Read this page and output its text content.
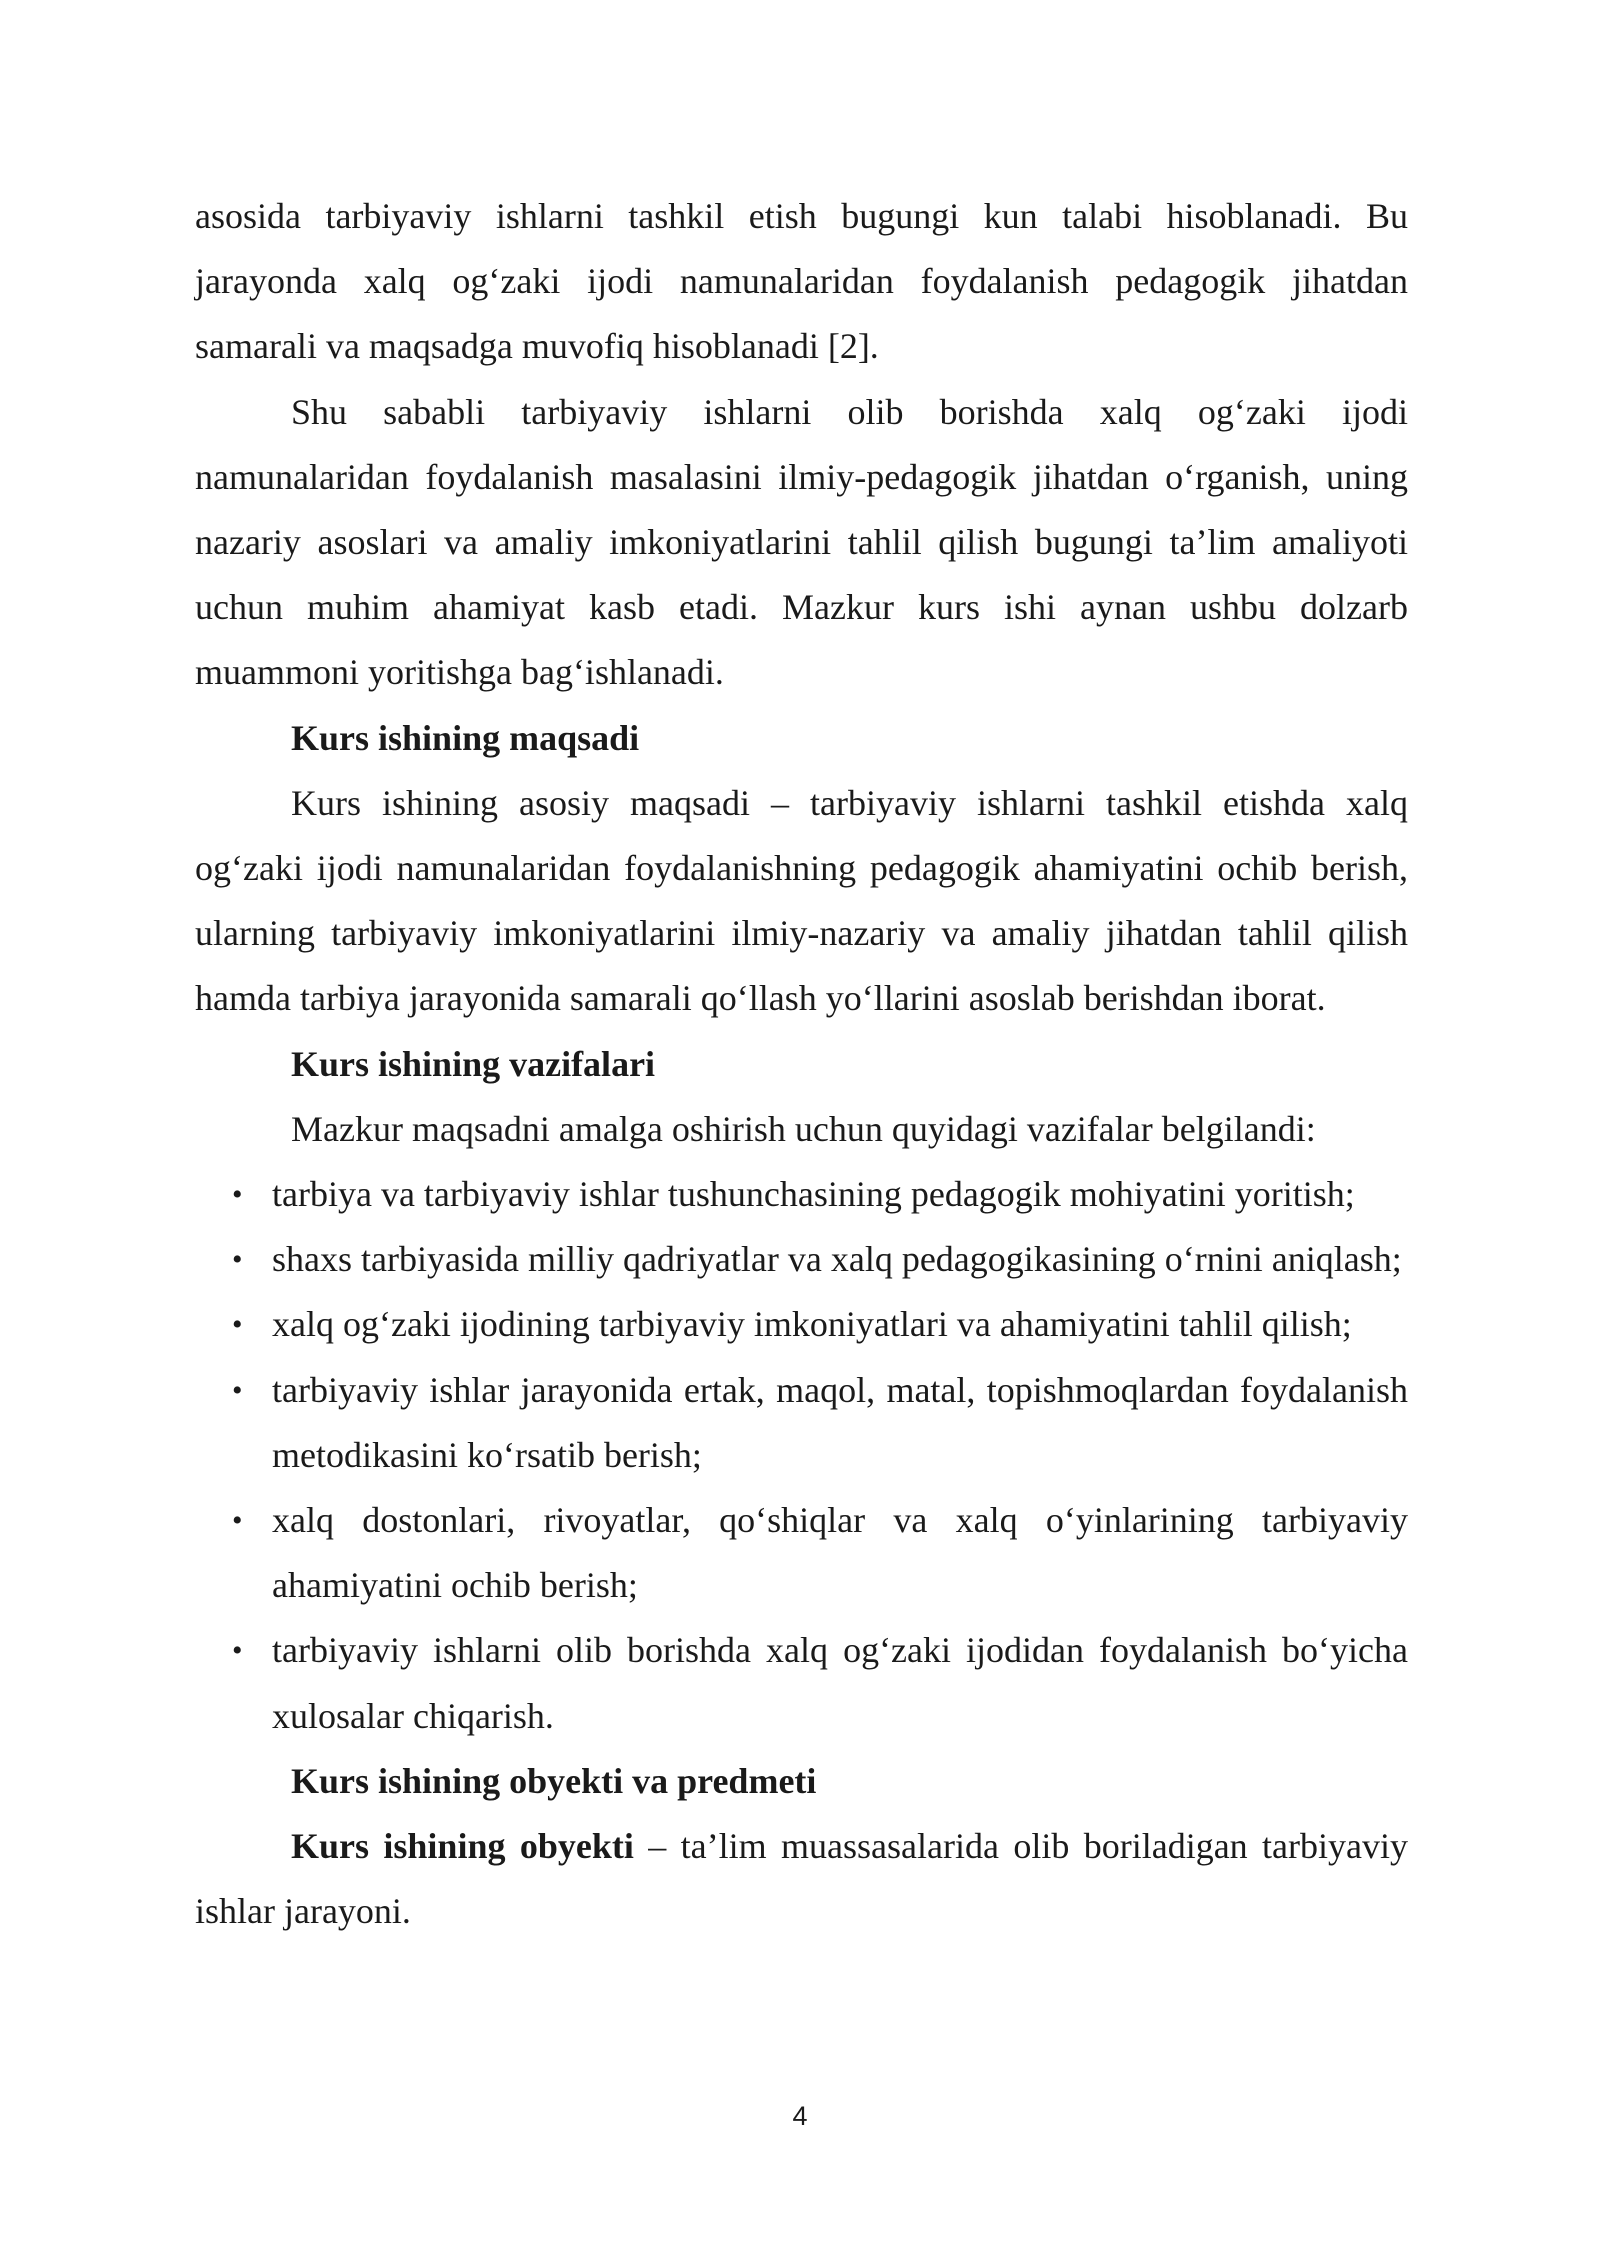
asosida tarbiyaviy ishlarni tashkil etish bugungi kun talabi hisoblanadi. Bu jarayonda xalq og‘zaki ijodi namunalaridan foydalanish pedagogik jihatdan samarali va maqsadga muvofiq hisoblanadi [2].

Shu sababli tarbiyaviy ishlarni olib borishda xalq og‘zaki ijodi namunalaridan foydalanish masalasini ilmiy-pedagogik jihatdan o‘rganish, uning nazariy asoslari va amaliy imkoniyatlarini tahlil qilish bugungi ta’lim amaliyoti uchun muhim ahamiyat kasb etadi. Mazkur kurs ishi aynan ushbu dolzarb muammoni yoritishga bag‘ishlanadi.

Kurs ishining maqsadi

Kurs ishining asosiy maqsadi – tarbiyaviy ishlarni tashkil etishda xalq og‘zaki ijodi namunalaridan foydalanishning pedagogik ahamiyatini ochib berish, ularning tarbiyaviy imkoniyatlarini ilmiy-nazariy va amaliy jihatdan tahlil qilish hamda tarbiya jarayonida samarali qo‘llash yo‘llarini asoslab berishdan iborat.

Kurs ishining vazifalari

Mazkur maqsadni amalga oshirish uchun quyidagi vazifalar belgilandi:

• tarbiya va tarbiyaviy ishlar tushunchasining pedagogik mohiyatini yoritish;
• shaxs tarbiyasida milliy qadriyatlar va xalq pedagogikasining o‘rnini aniqlash;
• xalq og‘zaki ijodining tarbiyaviy imkoniyatlari va ahamiyatini tahlil qilish;
• tarbiyaviy ishlar jarayonida ertak, maqol, matal, topishmoqlardan foydalanish metodikasini ko‘rsatib berish;
• xalq dostonlari, rivoyatlar, qo‘shiqlar va xalq o‘yinlarining tarbiyaviy ahamiyatini ochib berish;
• tarbiyaviy ishlarni olib borishda xalq og‘zaki ijodidan foydalanish bo‘yicha xulosalar chiqarish.

Kurs ishining obyekti va predmeti

Kurs ishining obyekti – ta’lim muassasalarida olib boriladigan tarbiyaviy ishlar jarayoni.

4
